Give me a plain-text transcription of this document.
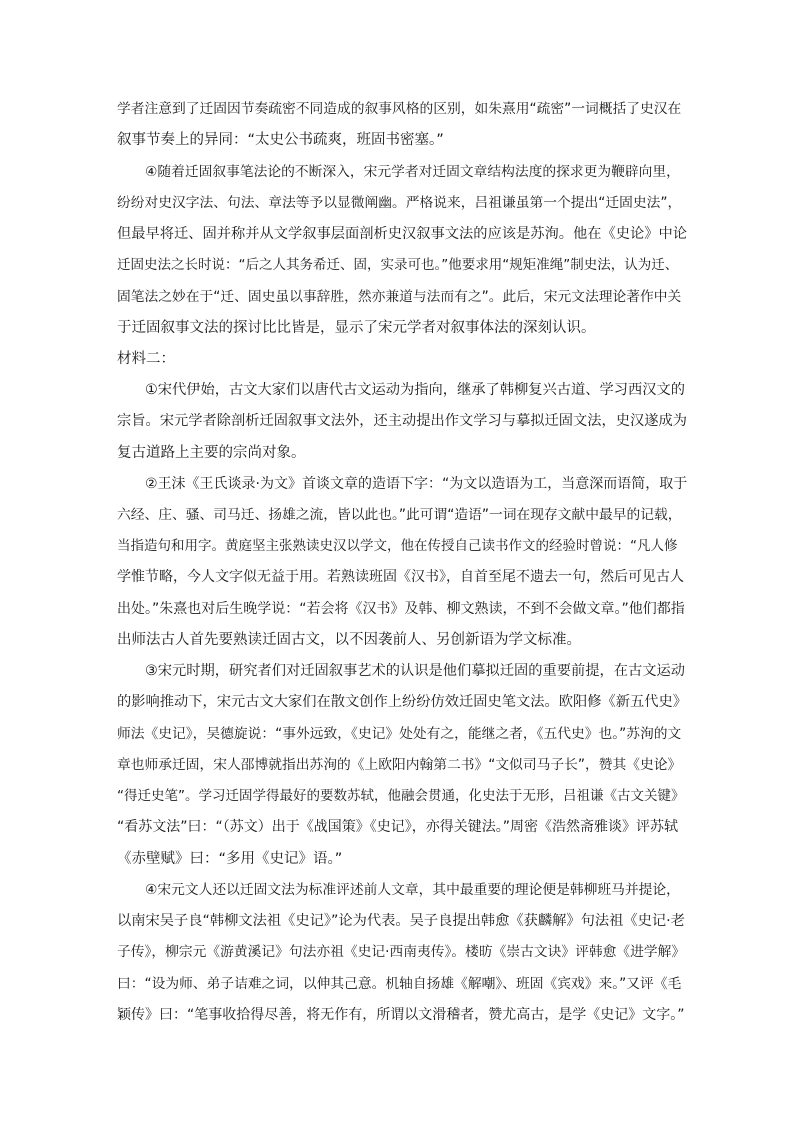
学者注意到了迁固因节奏疏密不同造成的叙事风格的区别，如朱熹用“疏密”一词概括了史汉在
叙事节奏上的异同：“太史公书疏爽，班固书密塞。”
④随着迁固叙事笔法论的不断深入，宋元学者对迁固文章结构法度的探求更为鞭辟向里，
纷纷对史汉字法、句法、章法等予以显微阐幽。严格说来，吕祖谦虽第一个提出“迁固史法”，
但最早将迁、固并称并从文学叙事层面剖析史汉叙事文法的应该是苏洵。他在《史论》中论
迁固史法之长时说：“后之人其务希迁、固，实录可也。”他要求用“规矩准绳”制史法，认为迁、
固笔法之妙在于“迁、固史虽以事辞胜，然亦兼道与法而有之”。此后，宋元文法理论著作中关
于迁固叙事文法的探讨比比皆是，显示了宋元学者对叙事体法的深刻认识。
材料二：
①宋代伊始，古文大家们以唐代古文运动为指向，继承了韩柳复兴古道、学习西汉文的
宗旨。宋元学者除剖析迁固叙事文法外，还主动提出作文学习与摹拟迁固文法，史汉遂成为
复古道路上主要的宗尚对象。
②王沬《王氏谈录·为文》首谈文章的造语下字：“为文以造语为工，当意深而语简，取于
六经、庄、骚、司马迁、扬雄之流，皆以此也。”此可谓“造语”一词在现存文献中最早的记载，
当指造句和用字。黄庭坚主张熟读史汉以学文，他在传授自己读书作文的经验时曾说：“凡人修
学惟节略，今人文字似无益于用。若熟读班固《汉书》，自首至尾不遗去一句，然后可见古人
出处。”朱熹也对后生晚学说：“若会将《汉书》及韩、柳文熟读，不到不会做文章。”他们都指
出师法古人首先要熟读迁固古文，以不因袭前人、另创新语为学文标准。
③宋元时期，研究者们对迁固叙事艺术的认识是他们摹拟迁固的重要前提，在古文运动
的影响推动下，宋元古文大家们在散文创作上纷纷仿效迁固史笔文法。欧阳修《新五代史》
师法《史记》，吴德旋说：“事外远致，《史记》处处有之，能继之者，《五代史》也。”苏洵的文
章也师承迁固，宋人邵博就指出苏洵的《上欧阳内翰第二书》“文似司马子长”，赞其《史论》
“得迁史笔”。学习迁固学得最好的要数苏轼，他融会贯通，化史法于无形，吕祖谦《古文关键》
“看苏文法”曰：“（苏文）出于《战国策》《史记》，亦得关键法。”周密《浩然斋雅谈》评苏轼
《赤壁赋》曰：“多用《史记》语。”
④宋元文人还以迁固文法为标准评述前人文章，其中最重要的理论便是韩柳班马并提论，
以南宋吴子良“韩柳文法祖《史记》”论为代表。吴子良提出韩愈《获麟解》句法祖《史记·老
子传》，柳宗元《游黄溪记》句法亦祖《史记·西南夷传》。楼昉《崇古文诀》评韩愈《进学解》
曰：“设为师、弟子诘难之词，以伸其己意。机轴自扬雄《解嘲》、班固《宾戏》来。”又评《毛
颖传》曰：“笔事收拾得尽善，将无作有，所谓以文滑稽者，赞尤高古，是学《史记》文字。”
